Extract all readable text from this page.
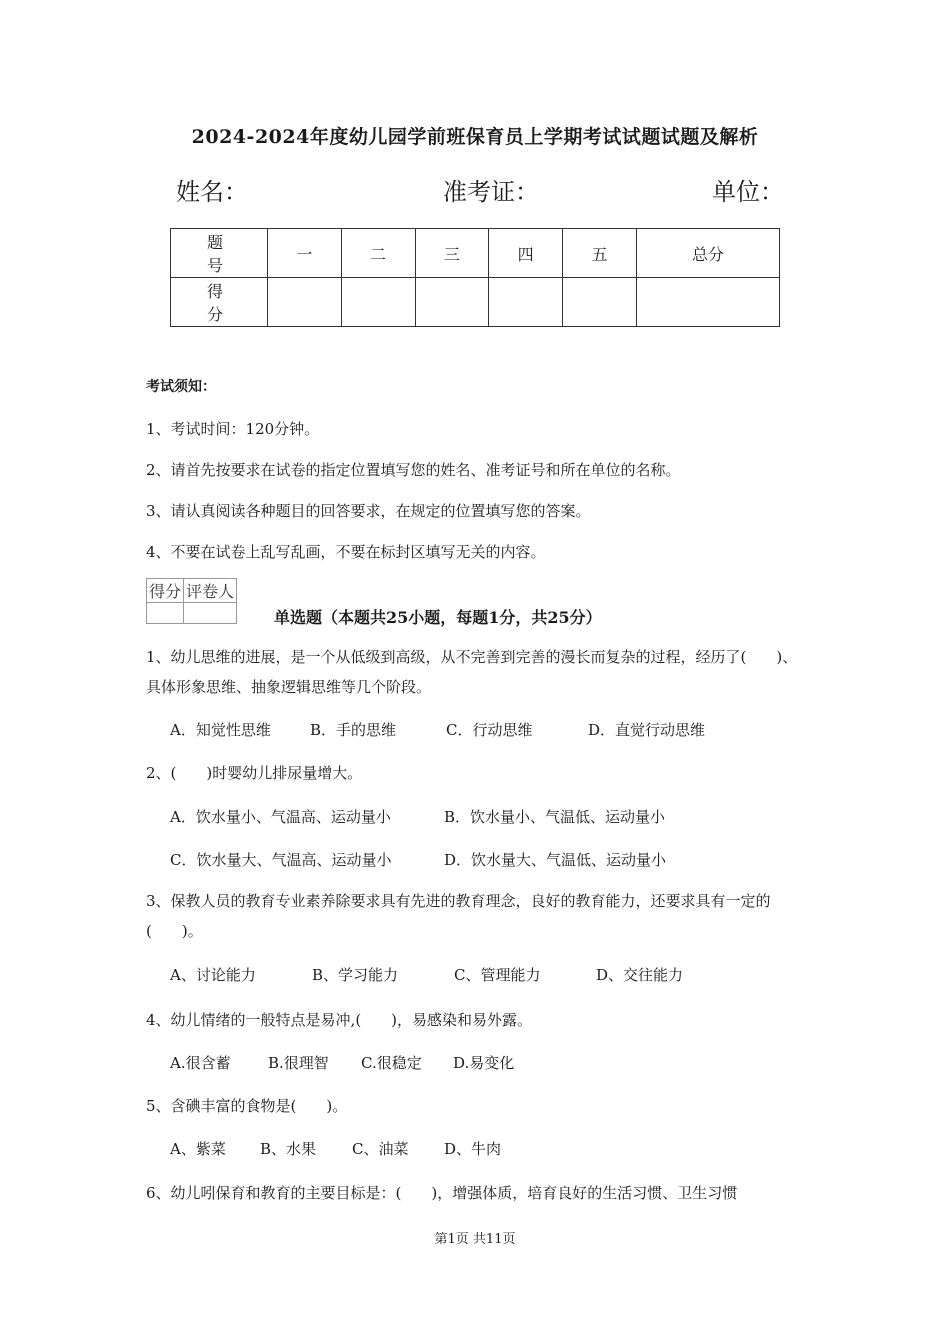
2024-2024年度幼儿园学前班保育员上学期考试试题试题及解析
姓名：	准考证：	单位：
题　号	一	二	三	四	五	总分
得　分						
考试须知：
1、考试时间：120分钟。
2、请首先按要求在试卷的指定位置填写您的姓名、准考证号和所在单位的名称。
3、请认真阅读各种题目的回答要求，在规定的位置填写您的答案。
4、不要在试卷上乱写乱画，不要在标封区填写无关的内容。
得分	评卷人

单选题（本题共25小题，每题1分，共25分）
1、幼儿思维的进展，是一个从低级到高级，从不完善到完善的漫长而复杂的过程，经历了(　　)、具体形象思维、抽象逻辑思维等几个阶段。
A．知觉性思维	B．手的思维	C．行动思维	D．直觉行动思维
2、(　　)时婴幼儿排尿量增大。
A．饮水量小、气温高、运动量小	B．饮水量小、气温低、运动量小
C．饮水量大、气温高、运动量小	D．饮水量大、气温低、运动量小
3、保教人员的教育专业素养除要求具有先进的教育理念，良好的教育能力，还要求具有一定的(　　)。
A、讨论能力	B、学习能力	C、管理能力	D、交往能力
4、幼儿情绪的一般特点是易冲,(　　)，易感染和易外露。
A.很含蓄 B.很理智 C.很稳定 D.易变化
5、含碘丰富的食物是(　　)。
A、紫菜 B、水果 C、油菜 D、牛肉
6、幼儿吲保育和教育的主要目标是：(　　)，增强体质，培育良好的生活习惯、卫生习惯
第1页 共11页
